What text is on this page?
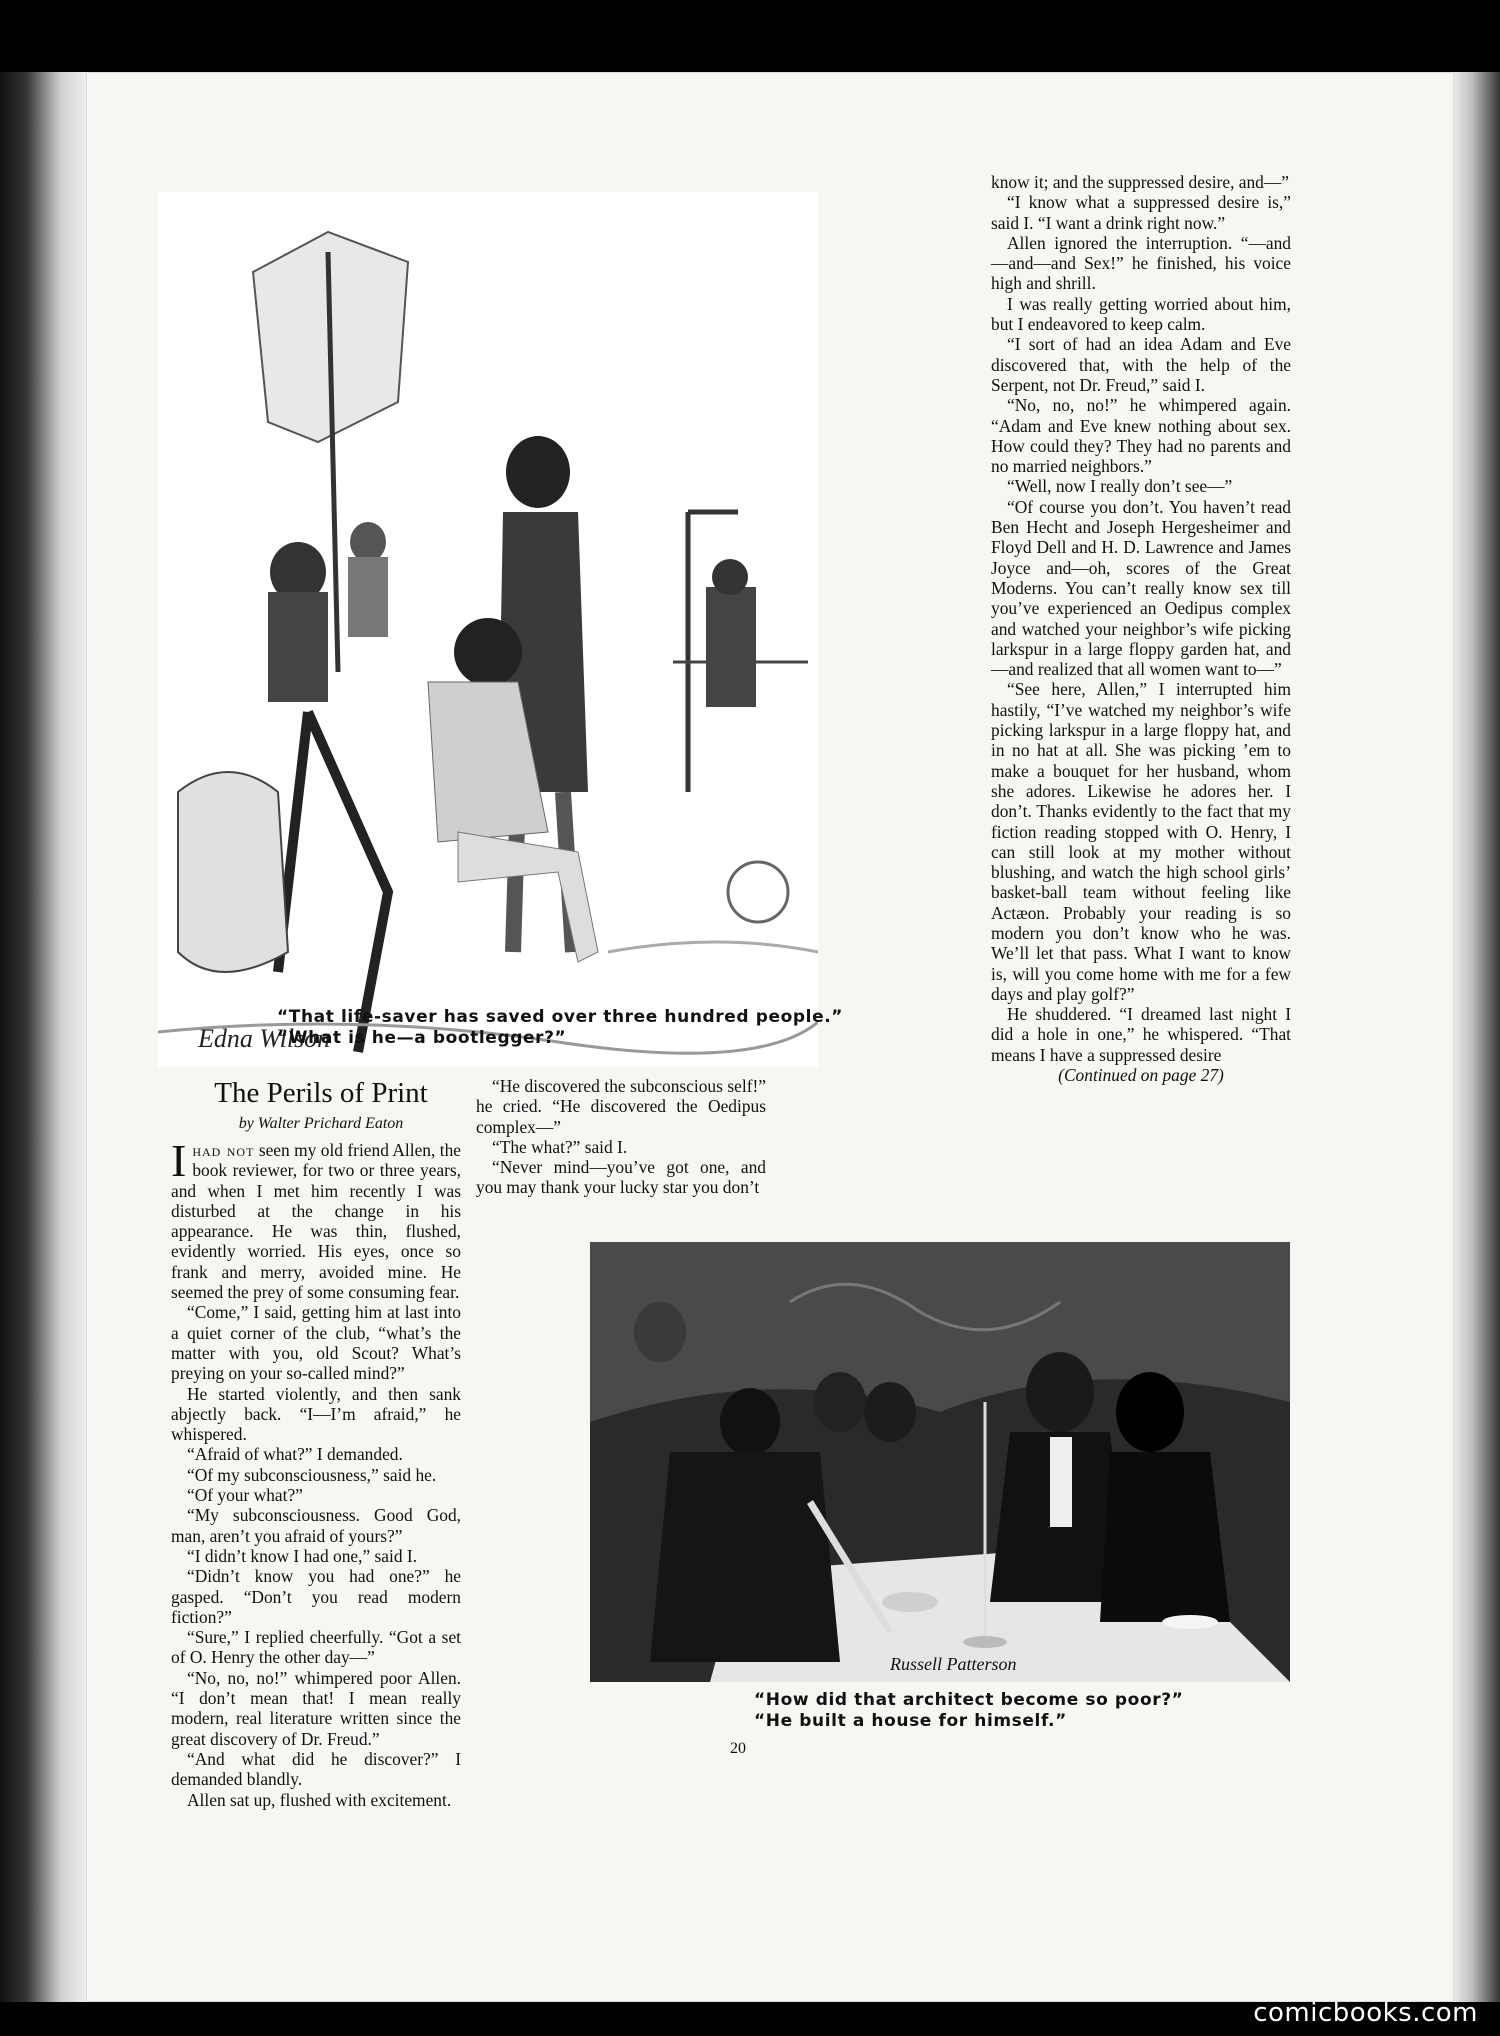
Edna Wilson
“That life-saver has saved over three hundred people.”
“What is he—a bootlegger?”
The Perils of Print
by Walter Prichard Eaton

Ihad not seen my old friend Allen, the book reviewer, for two or three years, and when I met him recently I was disturbed at the change in his appearance. He was thin, flushed, evidently worried. His eyes, once so frank and merry, avoided mine. He seemed the prey of some consuming fear.

“Come,” I said, getting him at last into a quiet corner of the club, “what’s the matter with you, old Scout? What’s preying on your so-called mind?”

He started violently, and then sank abjectly back. “I—I’m afraid,” he whispered.

“Afraid of what?” I demanded.

“Of my subconsciousness,” said he.

“Of your what?”

“My subconsciousness. Good God, man, aren’t you afraid of yours?”

“I didn’t know I had one,” said I.

“Didn’t know you had one?” he gasped. “Don’t you read modern fiction?”

“Sure,” I replied cheerfully. “Got a set of O. Henry the other day—”

“No, no, no!” whimpered poor Allen. “I don’t mean that! I mean really modern, real literature written since the great discovery of Dr. Freud.”

“And what did he discover?” I demanded blandly.

Allen sat up, flushed with excitement.

“He discovered the subconscious self!” he cried. “He discovered the Oedipus complex—”

“The what?” said I.

“Never mind—you’ve got one, and you may thank your lucky star you don’t

know it; and the suppressed desire, and—”

“I know what a suppressed desire is,” said I. “I want a drink right now.”

Allen ignored the interruption. “—and—and—and Sex!” he finished, his voice high and shrill.

I was really getting worried about him, but I endeavored to keep calm.

“I sort of had an idea Adam and Eve discovered that, with the help of the Serpent, not Dr. Freud,” said I.

“No, no, no!” he whimpered again. “Adam and Eve knew nothing about sex. How could they? They had no parents and no married neighbors.”

“Well, now I really don’t see—”

“Of course you don’t. You haven’t read Ben Hecht and Joseph Hergesheimer and Floyd Dell and H. D. Lawrence and James Joyce and—oh, scores of the Great Moderns. You can’t really know sex till you’ve experienced an Oedipus complex and watched your neighbor’s wife picking larkspur in a large floppy garden hat, and—and realized that all women want to—”

“See here, Allen,” I interrupted him hastily, “I’ve watched my neighbor’s wife picking larkspur in a large floppy hat, and in no hat at all. She was picking ’em to make a bouquet for her husband, whom she adores. Likewise he adores her. I don’t. Thanks evidently to the fact that my fiction reading stopped with O. Henry, I can still look at my mother without blushing, and watch the high school girls’ basket-ball team without feeling like Actæon. Probably your reading is so modern you don’t know who he was. We’ll let that pass. What I want to know is, will you come home with me for a few days and play golf?”

He shuddered. “I dreamed last night I did a hole in one,” he whispered. “That means I have a suppressed desire

(Continued on page 27)

Russell Patterson
“How did that architect become so poor?”
“He built a house for himself.”
20
comicbooks.com
